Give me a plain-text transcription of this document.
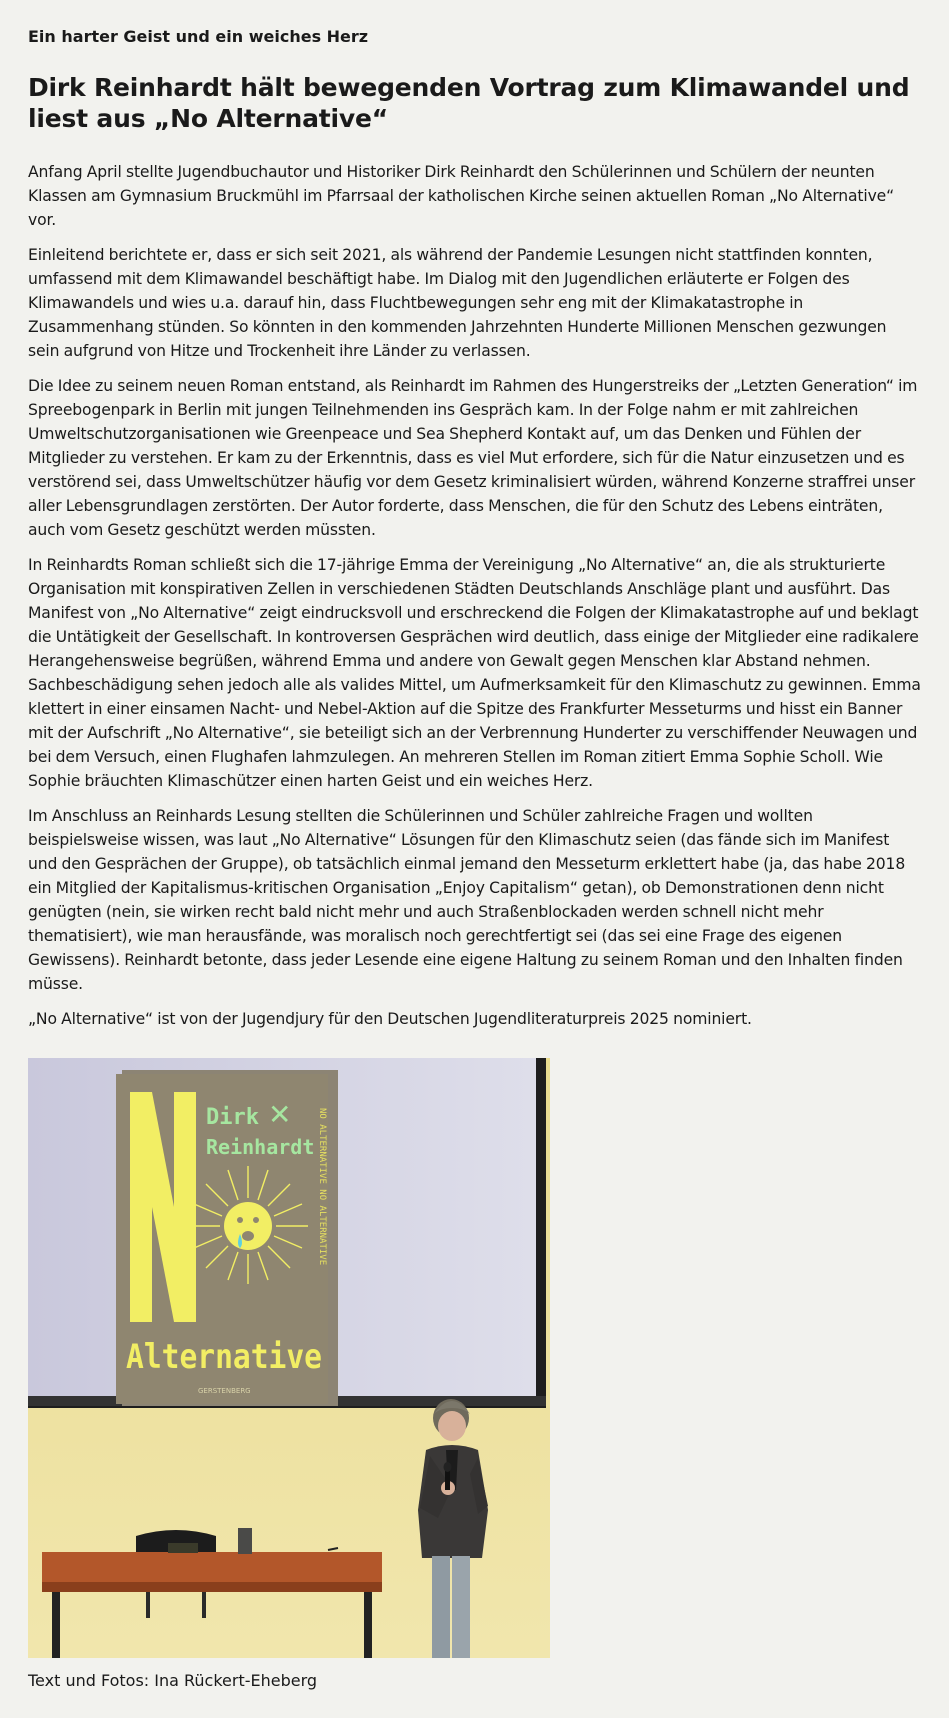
Ein harter Geist und ein weiches Herz
Dirk Reinhardt hält bewegenden Vortrag zum Klimawandel und liest aus „No Alternative“

Anfang April stellte Jugendbuchautor und Historiker Dirk Reinhardt den Schülerinnen und Schülern der neunten Klassen am Gymnasium Bruckmühl im Pfarrsaal der katholischen Kirche seinen aktuellen Roman „No Alternative“ vor.

Einleitend berichtete er, dass er sich seit 2021, als während der Pandemie Lesungen nicht stattfinden konnten, umfassend mit dem Klimawandel beschäftigt habe. Im Dialog mit den Jugendlichen erläuterte er Folgen des Klimawandels und wies u.a. darauf hin, dass Fluchtbewegungen sehr eng mit der Klimakatastrophe in Zusammenhang stünden. So könnten in den kommenden Jahrzehnten Hunderte Millionen Menschen gezwungen sein aufgrund von Hitze und Trockenheit ihre Länder zu verlassen.

Die Idee zu seinem neuen Roman entstand, als Reinhardt im Rahmen des Hungerstreiks der „Letzten Generation“ im Spreebogenpark in Berlin mit jungen Teilnehmenden ins Gespräch kam. In der Folge nahm er mit zahlreichen Umweltschutzorganisationen wie Greenpeace und Sea Shepherd Kontakt auf, um das Denken und Fühlen der Mitglieder zu verstehen. Er kam zu der Erkenntnis, dass es viel Mut erfordere, sich für die Natur einzusetzen und es verstörend sei, dass Umweltschützer häufig vor dem Gesetz kriminalisiert würden, während Konzerne straffrei unser aller Lebensgrundlagen zerstörten. Der Autor forderte, dass Menschen, die für den Schutz des Lebens einträten, auch vom Gesetz geschützt werden müssten.

In Reinhardts Roman schließt sich die 17-jährige Emma der Vereinigung „No Alternative“ an, die als strukturierte Organisation mit konspirativen Zellen in verschiedenen Städten Deutschlands Anschläge plant und ausführt. Das Manifest von „No Alternative“ zeigt eindrucksvoll und erschreckend die Folgen der Klimakatastrophe auf und beklagt die Untätigkeit der Gesellschaft. In kontroversen Gesprächen wird deutlich, dass einige der Mitglieder eine radikalere Herangehensweise begrüßen, während Emma und andere von Gewalt gegen Menschen klar Abstand nehmen. Sachbeschädigung sehen jedoch alle als valides Mittel, um Aufmerksamkeit für den Klimaschutz zu gewinnen. Emma klettert in einer einsamen Nacht- und Nebel-Aktion auf die Spitze des Frankfurter Messeturms und hisst ein Banner mit der Aufschrift „No Alternative“, sie beteiligt sich an der Verbrennung Hunderter zu verschiffender Neuwagen und bei dem Versuch, einen Flughafen lahmzulegen. An mehreren Stellen im Roman zitiert Emma Sophie Scholl. Wie Sophie bräuchten Klimaschützer einen harten Geist und ein weiches Herz.

Im Anschluss an Reinhards Lesung stellten die Schülerinnen und Schüler zahlreiche Fragen und wollten beispielsweise wissen, was laut „No Alternative“ Lösungen für den Klimaschutz seien (das fände sich im Manifest und den Gesprächen der Gruppe), ob tatsächlich einmal jemand den Messeturm erklettert habe (ja, das habe 2018 ein Mitglied der Kapitalismus-kritischen Organisation „Enjoy Capitalism“ getan), ob Demonstrationen denn nicht genügten (nein, sie wirken recht bald nicht mehr und auch Straßenblockaden werden schnell nicht mehr thematisiert), wie man herausfände, was moralisch noch gerechtfertigt sei (das sei eine Frage des eigenen Gewissens). Reinhardt betonte, dass jeder Lesende eine eigene Haltung zu seinem Roman und den Inhalten finden müsse.

„No Alternative“ ist von der Jugendjury für den Deutschen Jugendliteraturpreis 2025 nominiert.

Dirk ✕
Reinhardt NO ALTERNATIVE NO ALTERNATIVE
Alternative
GERSTENBERG
Text und Fotos: Ina Rückert-Eheberg
